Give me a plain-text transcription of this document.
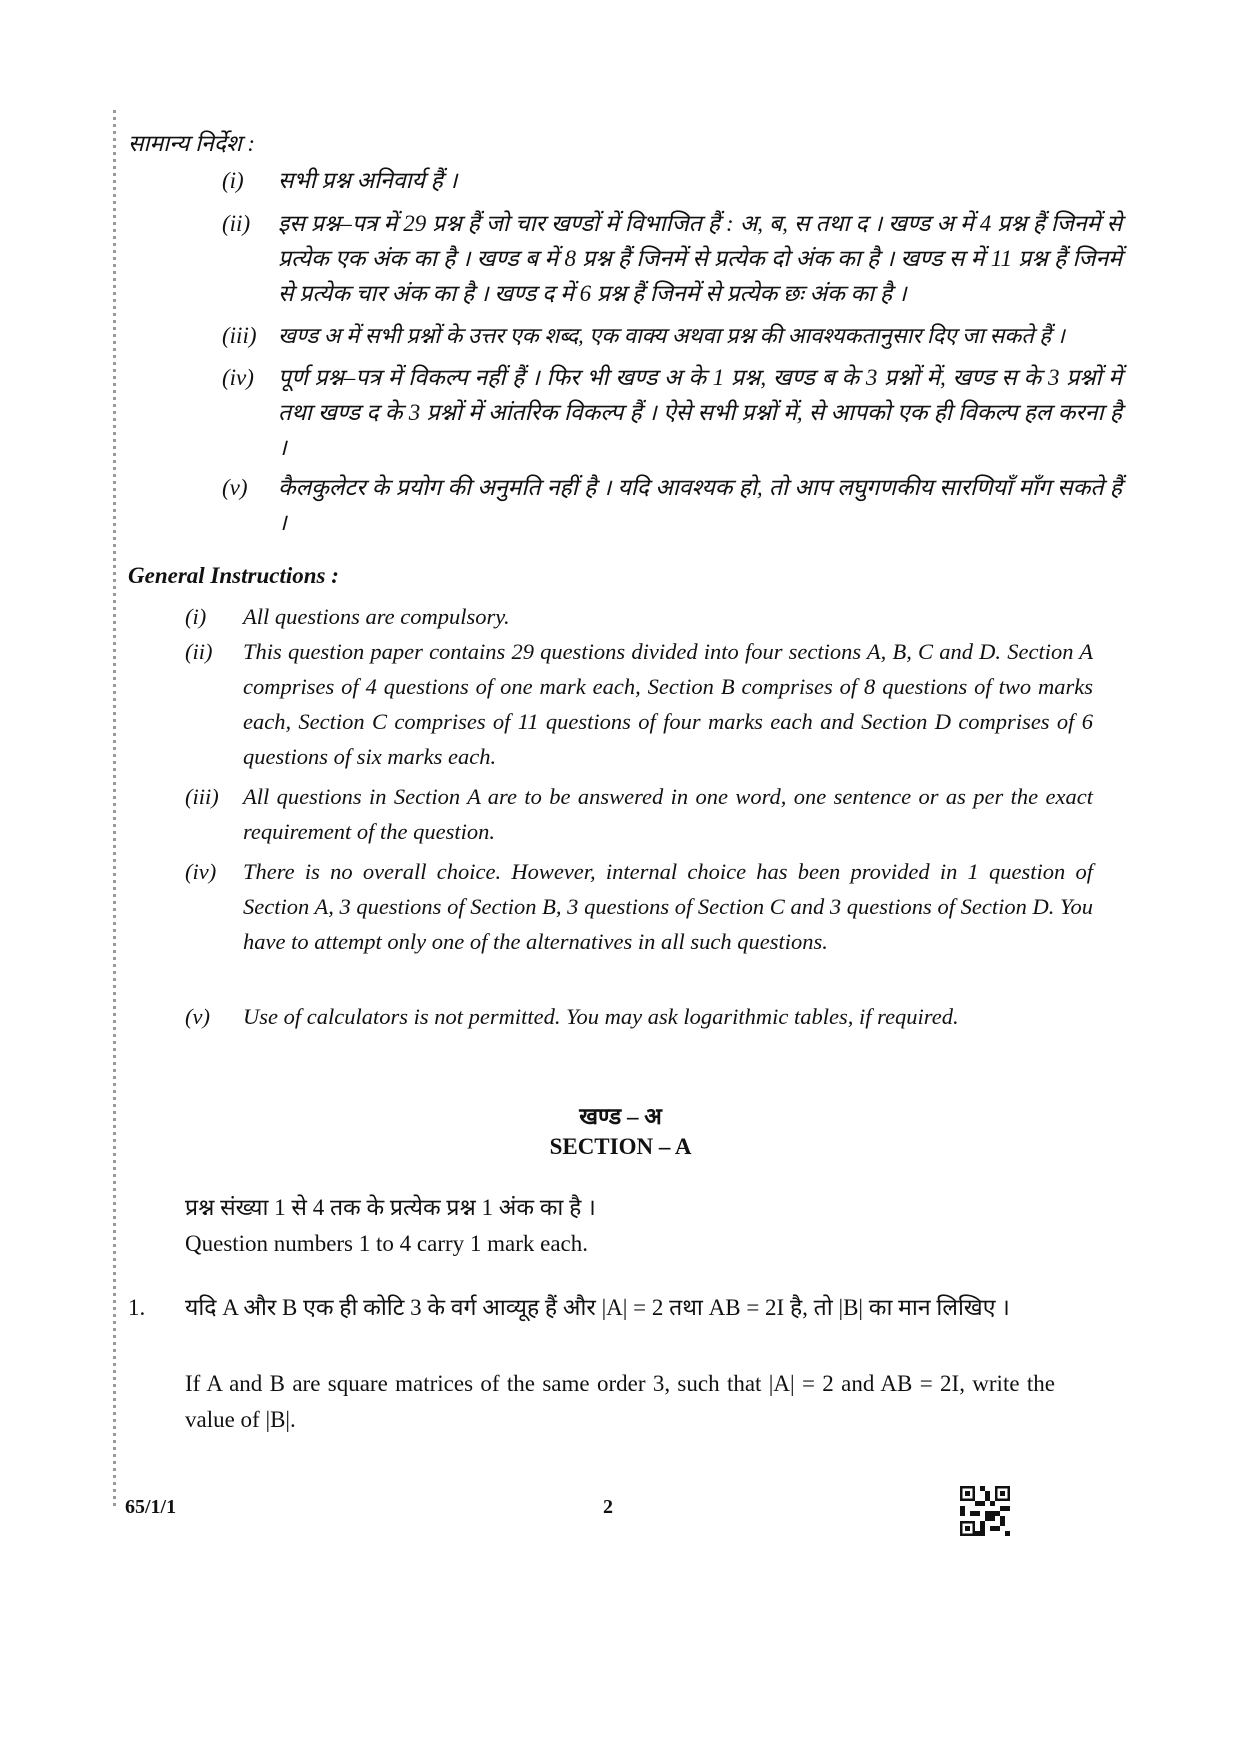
सामान्य निर्देश :
(i)	सभी प्रश्न अनिवार्य हैं ।
(ii)	इस प्रश्न–पत्र में 29 प्रश्न हैं जो चार खण्डों में विभाजित हैं : अ, ब, स तथा द । खण्ड अ में 4 प्रश्न हैं जिनमें से प्रत्येक एक अंक का है । खण्ड ब में 8 प्रश्न हैं जिनमें से प्रत्येक दो अंक का है । खण्ड स में 11 प्रश्न हैं जिनमें से प्रत्येक चार अंक का है । खण्ड द में 6 प्रश्न हैं जिनमें से प्रत्येक छः अंक का है ।
(iii) खण्ड अ में सभी प्रश्नों के उत्तर एक शब्द, एक वाक्य अथवा प्रश्न की आवश्यकतानुसार दिए जा सकते हैं ।
(iv)	पूर्ण प्रश्न–पत्र में विकल्प नहीं हैं । फिर भी खण्ड अ के 1 प्रश्न, खण्ड ब के 3 प्रश्नों में, खण्ड स के 3 प्रश्नों में तथा खण्ड द के 3 प्रश्नों में आंतरिक विकल्प हैं । ऐसे सभी प्रश्नों में, से आपको एक ही विकल्प हल करना है ।
(v)	कैलकुलेटर के प्रयोग की अनुमति नहीं है । यदि आवश्यक हो, तो आप लघुगणकीय सारणियाँ माँग सकते हैं ।
General Instructions :
(i)	All questions are compulsory.
(ii)	This question paper contains 29 questions divided into four sections A, B, C and D. Section A comprises of 4 questions of one mark each, Section B comprises of 8 questions of two marks each, Section C comprises of 11 questions of four marks each and Section D comprises of 6 questions of six marks each.
(iii)	All questions in Section A are to be answered in one word, one sentence or as per the exact requirement of the question.
(iv)	There is no overall choice. However, internal choice has been provided in 1 question of Section A, 3 questions of Section B, 3 questions of Section C and 3 questions of Section D. You have to attempt only one of the alternatives in all such questions.
(v)	Use of calculators is not permitted. You may ask logarithmic tables, if required.
खण्ड – अ
SECTION – A
प्रश्न संख्या 1 से 4 तक के प्रत्येक प्रश्न 1 अंक का है ।
Question numbers 1 to 4 carry 1 mark each.
1. यदि A और B एक ही कोटि 3 के वर्ग आव्यूह हैं और |A| = 2 तथा AB = 2I है, तो |B| का मान लिखिए ।
If A and B are square matrices of the same order 3, such that |A| = 2 and AB = 2I, write the value of |B|.
65/1/1	2
